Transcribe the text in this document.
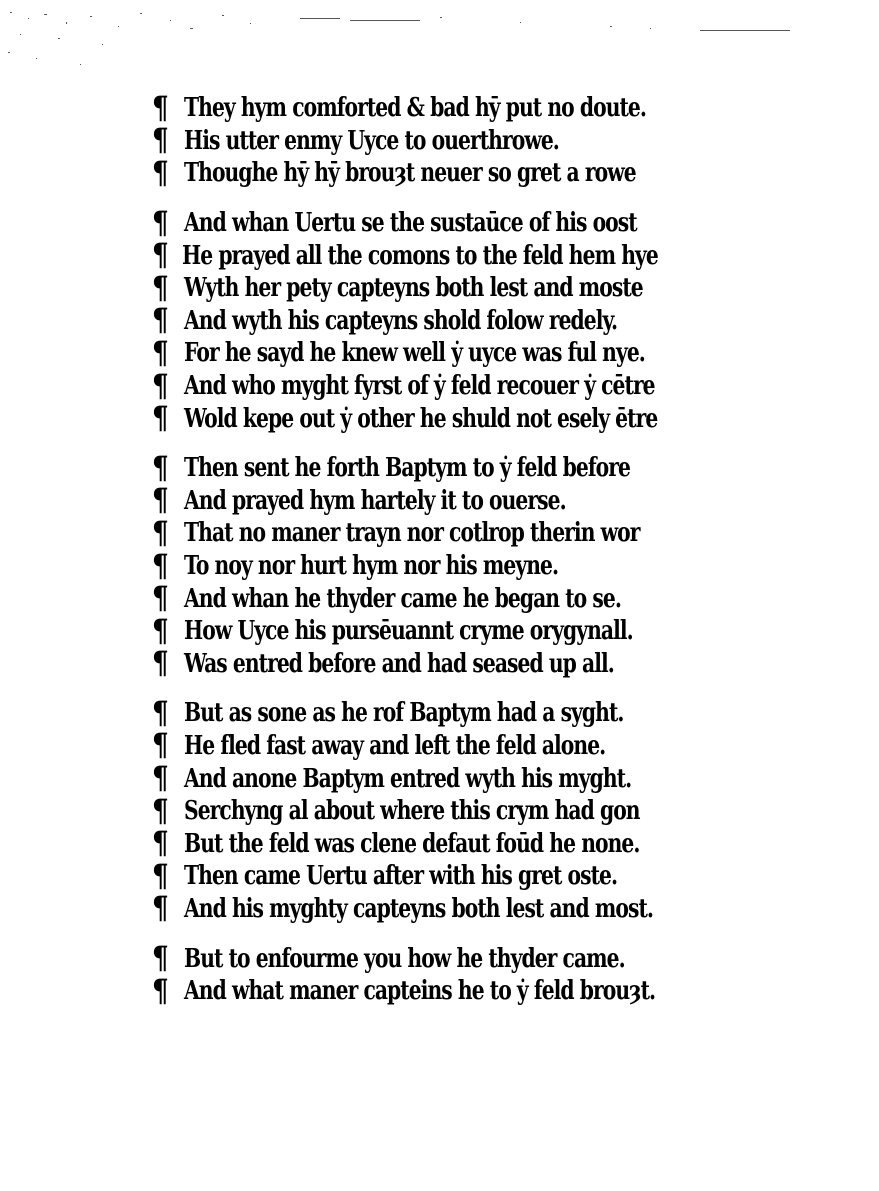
¶ They hym comforted & bad hȳ put no doute.
¶ His utter enmy Uyce to ouerthrowe.
¶ Thoughe hȳ hȳ brouȝt neuer so gret a rowe
¶ And whan Uertu se the sustaūce of his oost
¶ He prayed all the comons to the feld hem hye
¶ Wyth her pety capteyns both lest and moste
¶ And wyth his capteyns shold folow redely.
¶ For he sayd he knew well ẏ uyce was ful nye.
¶ And who myght fyrst of ẏ feld recouer ẏ cētre
¶ Wold kepe out ẏ other he shuld not esely ētre
¶ Then sent he forth Baptym to ẏ feld before
¶ And prayed hym hartely it to ouerse.
¶ That no maner trayn nor cotlrop therin wor
¶ To noy nor hurt hym nor his meyne.
¶ And whan he thyder came he began to se.
¶ How Uyce his pursēuannt cryme orygynall.
¶ Was entred before and had seased up all.
¶ But as sone as he rof Baptym had a syght.
¶ He fled fast away and left the feld alone.
¶ And anone Baptym entred wyth his myght.
¶ Serchyng al about where this crym had gon
¶ But the feld was clene defaut foūd he none.
¶ Then came Uertu after with his gret oste.
¶ And his myghty capteyns both lest and most.
¶ But to enfourme you how he thyder came.
¶ And what maner capteins he to ẏ feld brouȝt.
